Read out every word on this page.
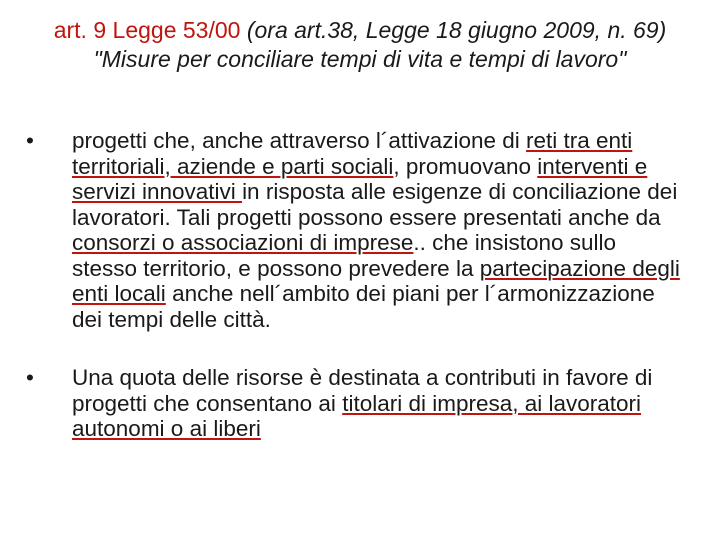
art. 9 Legge 53/00 (ora art.38, Legge 18 giugno 2009, n. 69) "Misure per conciliare tempi di vita e tempi di lavoro"
• progetti che, anche attraverso l´attivazione di reti tra enti territoriali, aziende e parti sociali, promuovano interventi e servizi innovativi in risposta alle esigenze di conciliazione dei lavoratori. Tali progetti possono essere presentati anche da consorzi o associazioni di imprese.. che insistono sullo stesso territorio, e possono prevedere la partecipazione degli enti locali anche nell´ambito dei piani per l´armonizzazione dei tempi delle città.
• Una quota delle risorse è destinata a contributi in favore di progetti che consentano ai titolari di impresa, ai lavoratori autonomi o ai liberi
